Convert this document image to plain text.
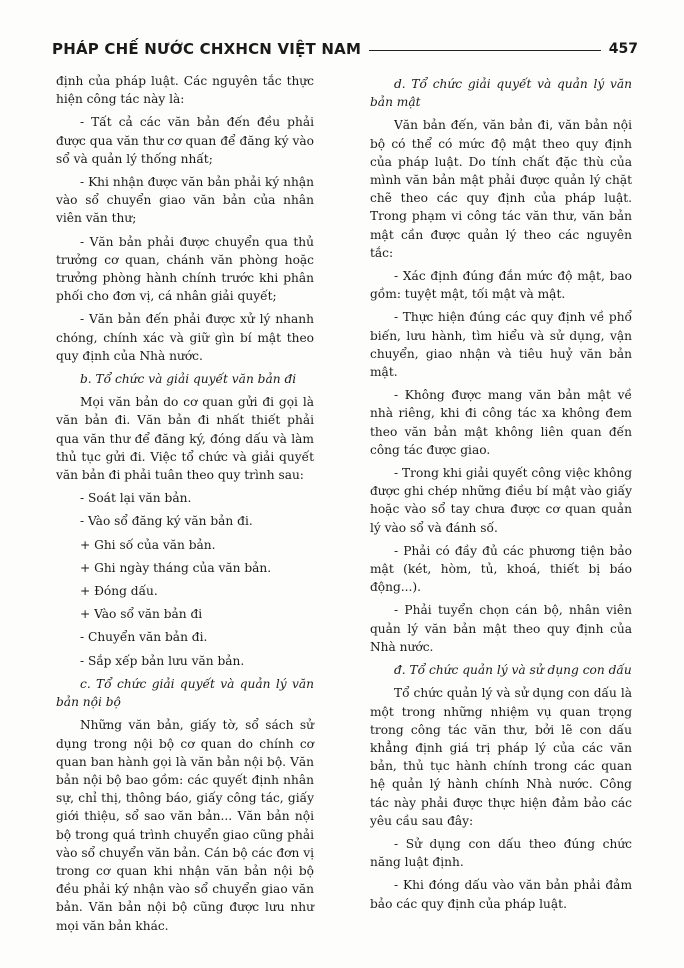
PHÁP CHẾ NƯỚC CHXHCN VIỆT NAM	457

định của pháp luật. Các nguyên tắc thực hiện công tác này là:

- Tất cả các văn bản đến đều phải được qua văn thư cơ quan để đăng ký vào sổ và quản lý thống nhất;

- Khi nhận được văn bản phải ký nhận vào sổ chuyển giao văn bản của nhân viên văn thư;

- Văn bản phải được chuyển qua thủ trưởng cơ quan, chánh văn phòng hoặc trưởng phòng hành chính trước khi phân phối cho đơn vị, cá nhân giải quyết;

- Văn bản đến phải được xử lý nhanh chóng, chính xác và giữ gìn bí mật theo quy định của Nhà nước.

b. Tổ chức và giải quyết văn bản đi

Mọi văn bản do cơ quan gửi đi gọi là văn bản đi. Văn bản đi nhất thiết phải qua văn thư để đăng ký, đóng dấu và làm thủ tục gửi đi. Việc tổ chức và giải quyết văn bản đi phải tuân theo quy trình sau:

- Soát lại văn bản.

- Vào sổ đăng ký văn bản đi.

+ Ghi số của văn bản.

+ Ghi ngày tháng của văn bản.

+ Đóng dấu.

+ Vào sổ văn bản đi

- Chuyển văn bản đi.

- Sắp xếp bản lưu văn bản.

c. Tổ chức giải quyết và quản lý văn bản nội bộ

Những văn bản, giấy tờ, sổ sách sử dụng trong nội bộ cơ quan do chính cơ quan ban hành gọi là văn bản nội bộ. Văn bản nội bộ bao gồm: các quyết định nhân sự, chỉ thị, thông báo, giấy công tác, giấy giới thiệu, sổ sao văn bản... Văn bản nội bộ trong quá trình chuyển giao cũng phải vào sổ chuyển văn bản. Cán bộ các đơn vị trong cơ quan khi nhận văn bản nội bộ đều phải ký nhận vào sổ chuyển giao văn bản. Văn bản nội bộ cũng được lưu như mọi văn bản khác.

d. Tổ chức giải quyết và quản lý văn bản mật

Văn bản đến, văn bản đi, văn bản nội bộ có thể có mức độ mật theo quy định của pháp luật. Do tính chất đặc thù của mình văn bản mật phải được quản lý chặt chẽ theo các quy định của pháp luật. Trong phạm vi công tác văn thư, văn bản mật cần được quản lý theo các nguyên tắc:

- Xác định đúng đắn mức độ mật, bao gồm: tuyệt mật, tối mật và mật.

- Thực hiện đúng các quy định về phổ biến, lưu hành, tìm hiểu và sử dụng, vận chuyển, giao nhận và tiêu huỷ văn bản mật.

- Không được mang văn bản mật về nhà riêng, khi đi công tác xa không đem theo văn bản mật không liên quan đến công tác được giao.

- Trong khi giải quyết công việc không được ghi chép những điều bí mật vào giấy hoặc vào sổ tay chưa được cơ quan quản lý vào sổ và đánh số.

- Phải có đầy đủ các phương tiện bảo mật (két, hòm, tủ, khoá, thiết bị báo động...).

- Phải tuyển chọn cán bộ, nhân viên quản lý văn bản mật theo quy định của Nhà nước.

đ. Tổ chức quản lý và sử dụng con dấu

Tổ chức quản lý và sử dụng con dấu là một trong những nhiệm vụ quan trọng trong công tác văn thư, bởi lẽ con dấu khẳng định giá trị pháp lý của các văn bản, thủ tục hành chính trong các quan hệ quản lý hành chính Nhà nước. Công tác này phải được thực hiện đảm bảo các yêu cầu sau đây:

- Sử dụng con dấu theo đúng chức năng luật định.

- Khi đóng dấu vào văn bản phải đảm bảo các quy định của pháp luật.
